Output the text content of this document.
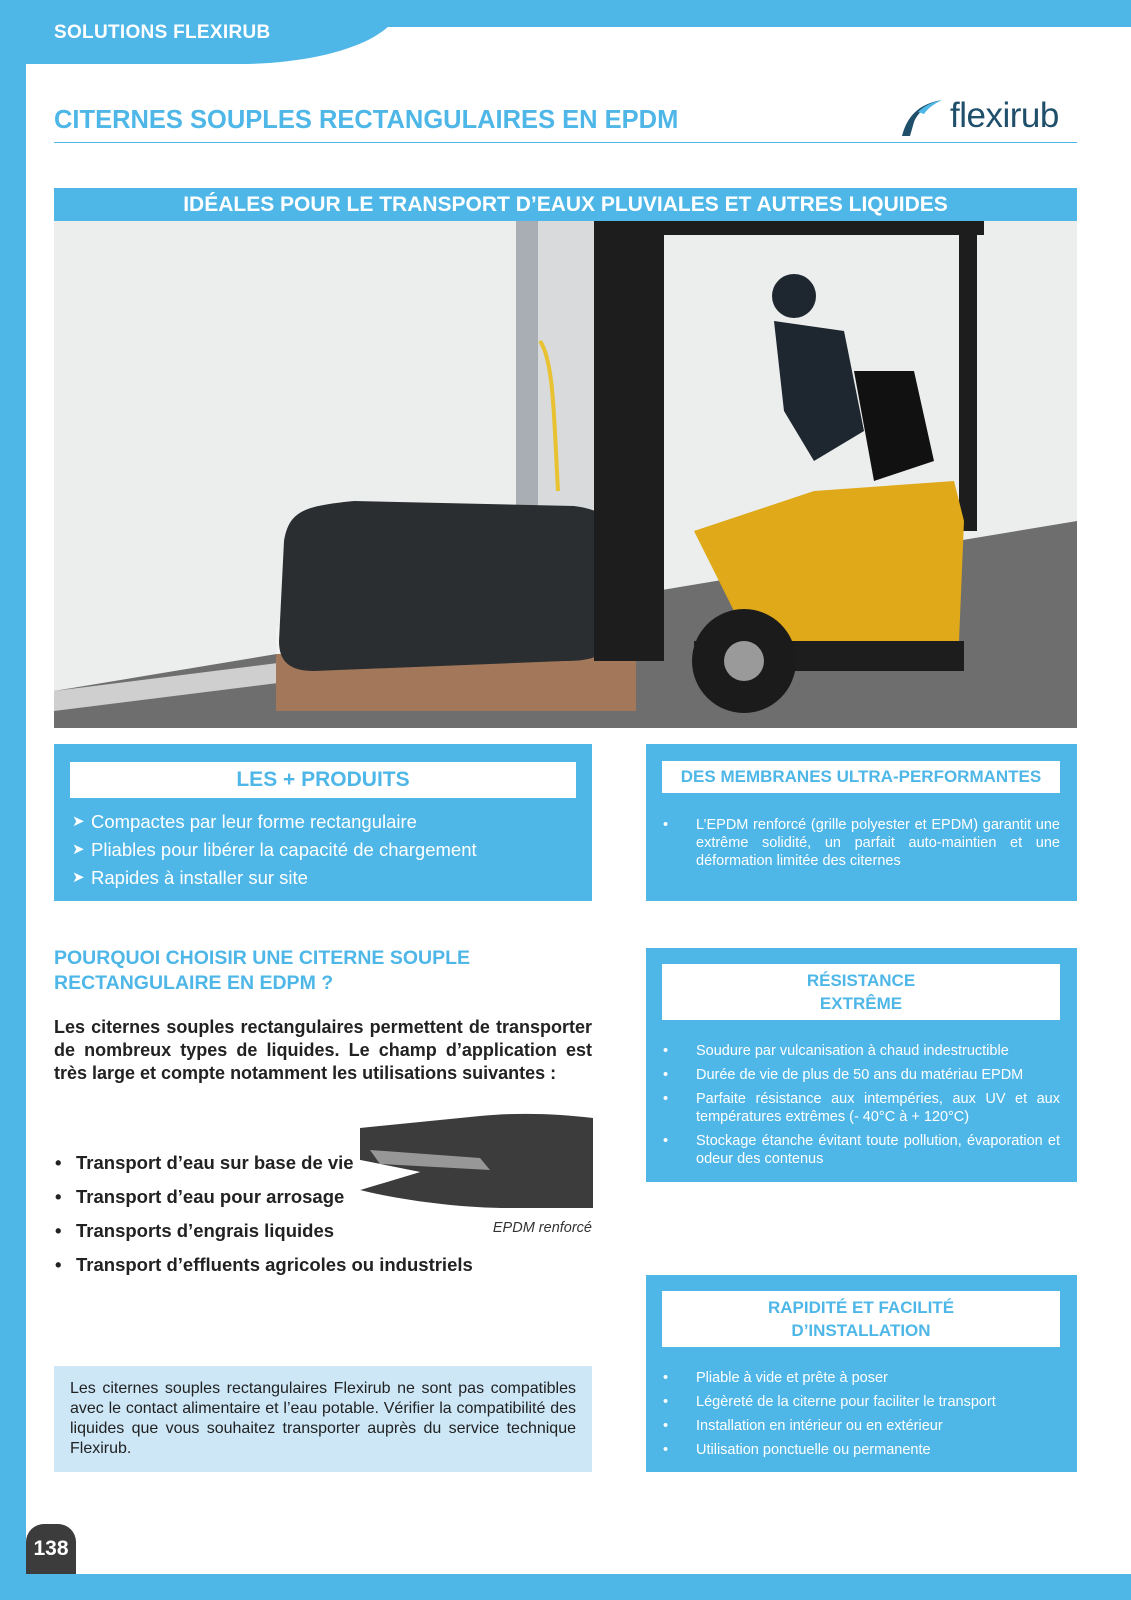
SOLUTIONS FLEXIRUB
138
CITERNES SOUPLES RECTANGULAIRES EN EPDM	flexirub
IDÉALES POUR LE TRANSPORT D’EAUX PLUVIALES ET AUTRES LIQUIDES
LES + PRODUITS
➤ Compactes par leur forme rectangulaire
➤ Pliables pour libérer la capacité de chargement
➤ Rapides à installer sur site
DES MEMBRANES ULTRA-PERFORMANTES
• L’EPDM renforcé (grille polyester et EPDM) garantit une extrême solidité, un parfait auto-maintien et une déformation limitée des citernes
POURQUOI CHOISIR UNE CITERNE SOUPLE
RECTANGULAIRE EN EDPM ?
Les citernes souples rectangulaires permettent de transporter de nombreux types de liquides. Le champ d’application est très large et compte notamment les utilisations suivantes :
EPDM renforcé
• Transport d’eau sur base de vie
• Transport d’eau pour arrosage
• Transports d’engrais liquides
• Transport d’effluents agricoles ou industriels
Les citernes souples rectangulaires Flexirub ne sont pas compatibles avec le contact alimentaire et l’eau potable. Vérifier la compatibilité des liquides que vous souhaitez transporter auprès du service technique Flexirub.
RÉSISTANCE
EXTRÊME
• Soudure par vulcanisation à chaud indestructible
• Durée de vie de plus de 50 ans du matériau EPDM
• Parfaite résistance aux intempéries, aux UV et aux températures extrêmes (- 40°C à + 120°C)
• Stockage étanche évitant toute pollution, évaporation et odeur des contenus
RAPIDITÉ ET FACILITÉ
D’INSTALLATION
• Pliable à vide et prête à poser
• Légèreté de la citerne pour faciliter le transport
• Installation en intérieur ou en extérieur
• Utilisation ponctuelle ou permanente
